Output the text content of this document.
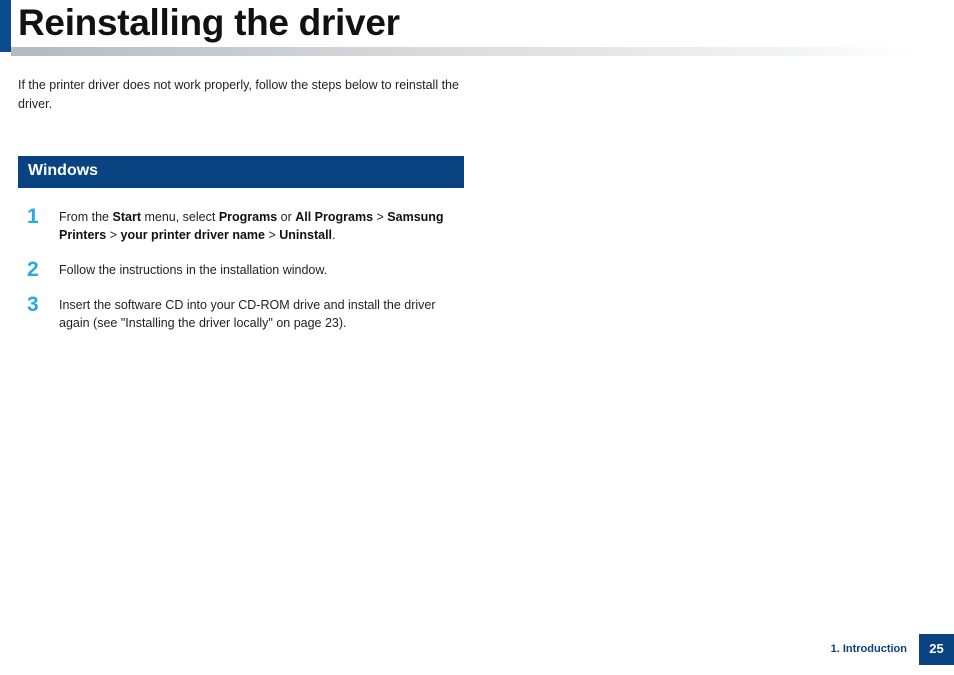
Reinstalling the driver

If the printer driver does not work properly, follow the steps below to reinstall the driver.

Windows
1 From the Start menu, select Programs or All Programs > Samsung Printers > your printer driver name > Uninstall.

2 Follow the instructions in the installation window.

3 Insert the software CD into your CD-ROM drive and install the driver again (see "Installing the driver locally" on page 23).

1. Introduction	25
